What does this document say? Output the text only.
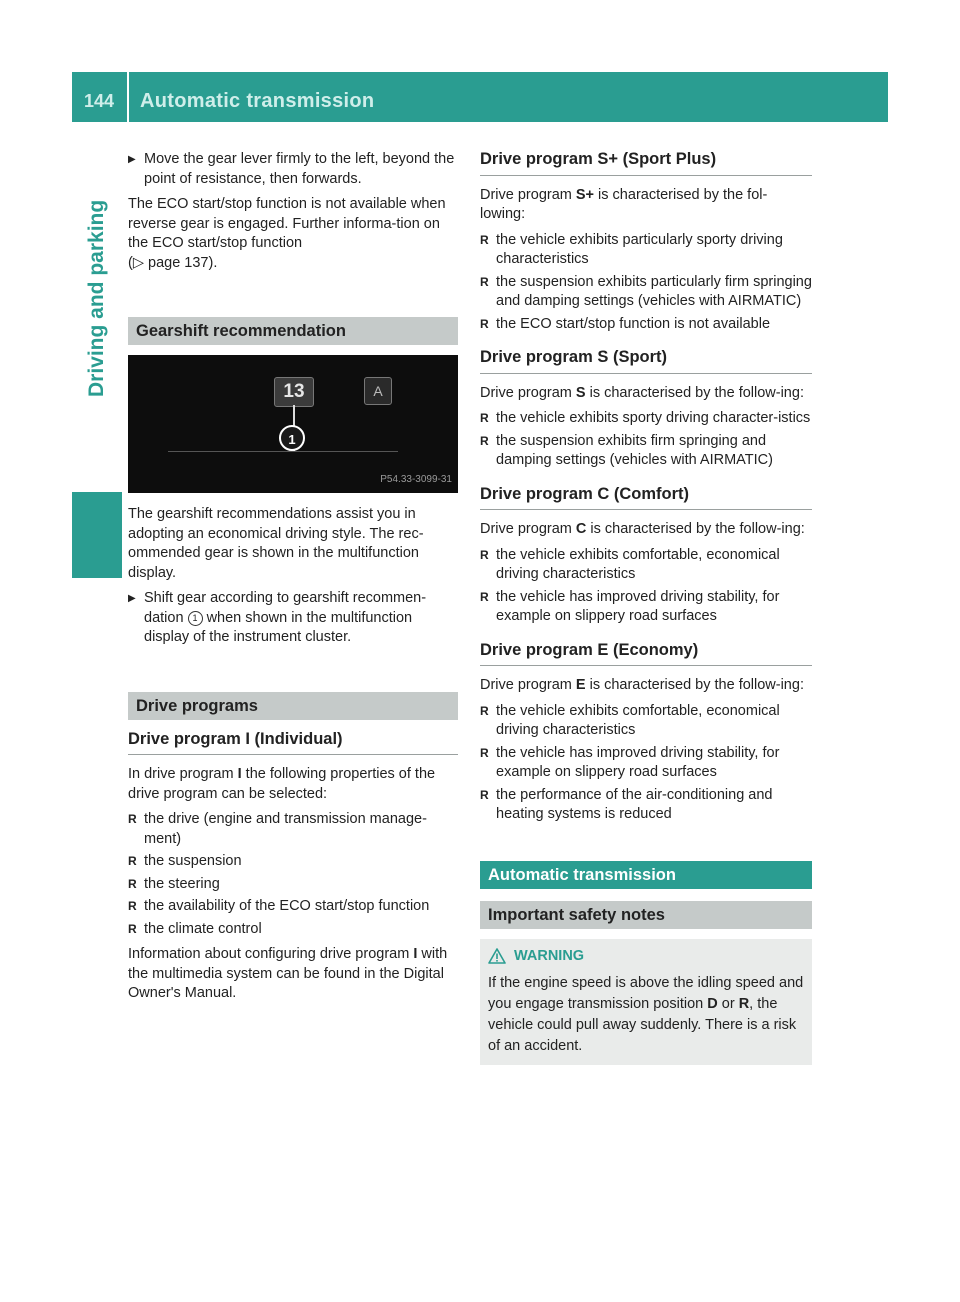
144	Automatic transmission
Driving and parking
▶ Move the gear lever firmly to the left, beyond the point of resistance, then forwards.

The ECO start/stop function is not available when reverse gear is engaged. Further informa-tion on the ECO start/stop function
(▷ page 137).

Gearshift recommendation
13	A
1
P54.33-3099-31

The gearshift recommendations assist you in adopting an economical driving style. The rec-ommended gear is shown in the multifunction display.

▶ Shift gear according to gearshift recommen-dation 1 when shown in the multifunction display of the instrument cluster.
Drive programs
Drive program I (Individual)

In drive program I the following properties of the drive program can be selected:

R the drive (engine and transmission manage-ment)
R the suspension
R the steering
R the availability of the ECO start/stop function
R the climate control

Information about configuring drive program I with the multimedia system can be found in the Digital Owner's Manual.

Drive program S+ (Sport Plus)

Drive program S+ is characterised by the fol-lowing:

R the vehicle exhibits particularly sporty driving characteristics
R the suspension exhibits particularly firm springing and damping settings (vehicles with AIRMATIC)
R the ECO start/stop function is not available
Drive program S (Sport)

Drive program S is characterised by the follow-ing:

R the vehicle exhibits sporty driving character-istics
R the suspension exhibits firm springing and damping settings (vehicles with AIRMATIC)
Drive program C (Comfort)

Drive program C is characterised by the follow-ing:

R the vehicle exhibits comfortable, economical driving characteristics
R the vehicle has improved driving stability, for example on slippery road surfaces
Drive program E (Economy)

Drive program E is characterised by the follow-ing:

R the vehicle exhibits comfortable, economical driving characteristics
R the vehicle has improved driving stability, for example on slippery road surfaces
R the performance of the air-conditioning and heating systems is reduced
Automatic transmission
Important safety notes
WARNING

If the engine speed is above the idling speed and you engage transmission position D or R, the vehicle could pull away suddenly. There is a risk of an accident.
